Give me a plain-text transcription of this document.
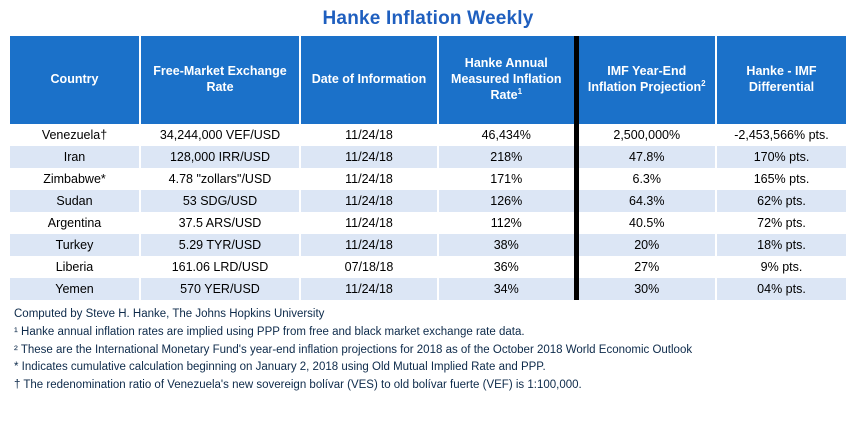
Hanke Inflation Weekly
Country	Free-Market Exchange Rate	Date of Information	Hanke Annual Measured Inflation Rate$^1$	IMF Year-End Inflation Projection$^2$	Hanke - IMF Differential
Venezuela†	34,244,000 VEF/USD	11/24/18	46,434%	2,500,000%	-2,453,566% pts.
Iran	128,000 IRR/USD	11/24/18	218%	47.8%	170% pts.
Zimbabwe*	4.78 "zollars"/USD	11/24/18	171%	6.3%	165% pts.
Sudan	53 SDG/USD	11/24/18	126%	64.3%	62% pts.
Argentina	37.5 ARS/USD	11/24/18	112%	40.5%	72% pts.
Turkey	5.29 TYR/USD	11/24/18	38%	20%	18% pts.
Liberia	161.06 LRD/USD	07/18/18	36%	27%	9% pts.
Yemen	570 YER/USD	11/24/18	34%	30%	04% pts.
Computed by Steve H. Hanke, The Johns Hopkins University
¹ Hanke annual inflation rates are implied using PPP from free and black market exchange rate data.
² These are the International Monetary Fund's year-end inflation projections for 2018 as of the October 2018 World Economic Outlook
* Indicates cumulative calculation beginning on January 2, 2018 using Old Mutual Implied Rate and PPP.
† The redenomination ratio of Venezuela's new sovereign bolívar (VES) to old bolívar fuerte (VEF) is 1:100,000.
